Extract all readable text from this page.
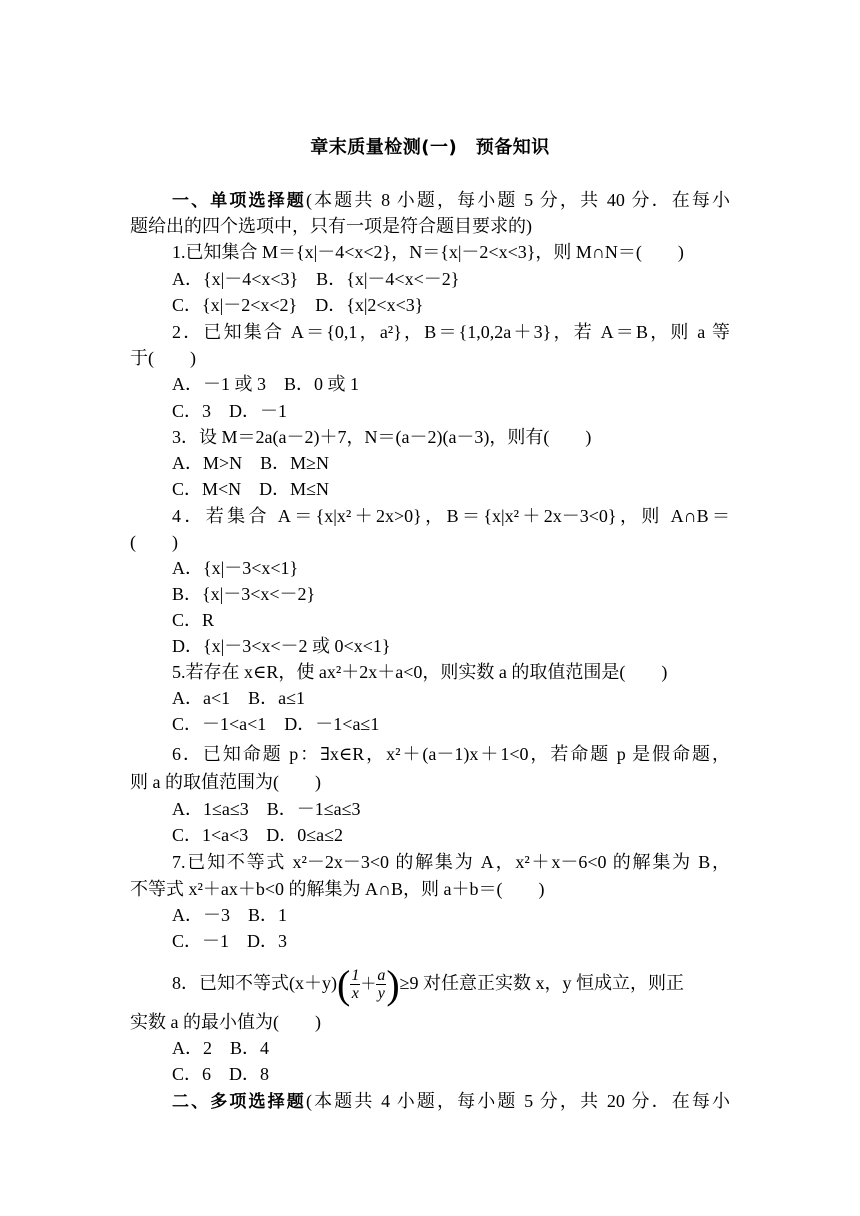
章末质量检测(一)　预备知识
一、单项选择题(本题共 8 小题，每小题 5 分，共 40 分．在每小
题给出的四个选项中，只有一项是符合题目要求的)
1.已知集合 M＝{x|－4<x<2}，N＝{x|－2<x<3}，则 M∩N＝(　　)
A．{x|－4<x<3}　B．{x|－4<x<－2}
C．{x|－2<x<2}　D．{x|2<x<3}
2．已知集合 A＝{0,1，a²}，B＝{1,0,2a＋3}，若 A＝B，则 a 等
于(　　)
A．－1 或 3　B．0 或 1
C．3　D．－1
3．设 M＝2a(a－2)＋7，N＝(a－2)(a－3)，则有(　　)
A．M>N　B．M≥N
C．M<N　D．M≤N
4．若集合 A＝{x|x²＋2x>0}，B＝{x|x²＋2x－3<0}，则 A∩B＝
(　　)
A．{x|－3<x<1}
B．{x|－3<x<－2}
C．R
D．{x|－3<x<－2 或 0<x<1}
5.若存在 x∈R，使 ax²＋2x＋a<0，则实数 a 的取值范围是(　　)
A．a<1　B．a≤1
C．－1<a<1　D．－1<a≤1
6．已知命题 p：∃x∈R，x²＋(a－1)x＋1<0，若命题 p 是假命题，
则 a 的取值范围为(　　)
A．1≤a≤3　B．－1≤a≤3
C．1<a<3　D．0≤a≤2
7.已知不等式 x²－2x－3<0 的解集为 A，x²＋x－6<0 的解集为 B，
不等式 x²＋ax＋b<0 的解集为 A∩B，则 a＋b＝(　　)
A．－3　B．1
C．－1　D．3
8．已知不等式$(x+y)( \frac{1}{x} + \frac{a}{y} )\ge 9$ 对任意正实数 x，y 恒成立，则正
实数 a 的最小值为(　　)
A．2　B．4
C．6　D．8
二、多项选择题(本题共 4 小题，每小题 5 分，共 20 分．在每小
